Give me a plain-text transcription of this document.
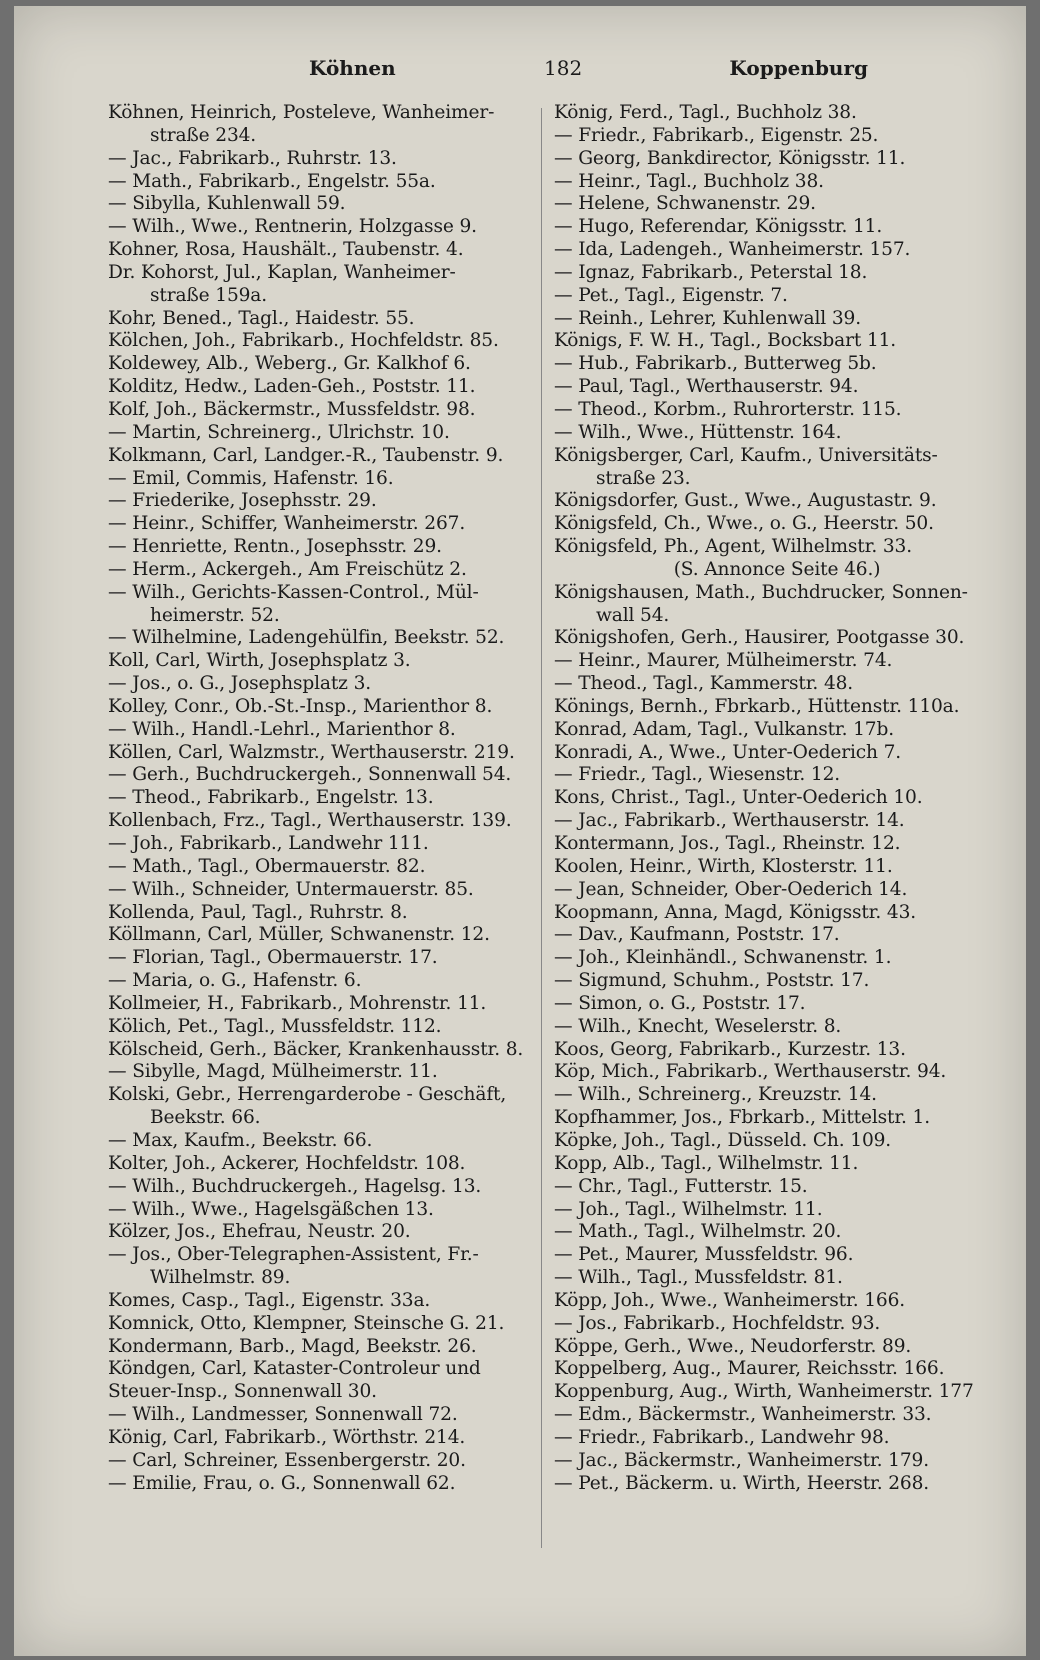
Köhnen	182	Koppenburg
Köhnen, Heinrich, Posteleve, Wanheimer-
straße 234.
— Jac., Fabrikarb., Ruhrstr. 13.
— Math., Fabrikarb., Engelstr. 55a.
— Sibylla, Kuhlenwall 59.
— Wilh., Wwe., Rentnerin, Holzgasse 9.
Kohner, Rosa, Haushält., Taubenstr. 4.
Dr. Kohorst, Jul., Kaplan, Wanheimer-
straße 159a.
Kohr, Bened., Tagl., Haidestr. 55.
Kölchen, Joh., Fabrikarb., Hochfeldstr. 85.
Koldewey, Alb., Weberg., Gr. Kalkhof 6.
Kolditz, Hedw., Laden-Geh., Poststr. 11.
Kolf, Joh., Bäckermstr., Mussfeldstr. 98.
— Martin, Schreinerg., Ulrichstr. 10.
Kolkmann, Carl, Landger.-R., Taubenstr. 9.
— Emil, Commis, Hafenstr. 16.
— Friederike, Josephsstr. 29.
— Heinr., Schiffer, Wanheimerstr. 267.
— Henriette, Rentn., Josephsstr. 29.
— Herm., Ackergeh., Am Freischütz 2.
— Wilh., Gerichts-Kassen-Control., Mül-
heimerstr. 52.
— Wilhelmine, Ladengehülfin, Beekstr. 52.
Koll, Carl, Wirth, Josephsplatz 3.
— Jos., o. G., Josephsplatz 3.
Kolley, Conr., Ob.-St.-Insp., Marienthor 8.
— Wilh., Handl.-Lehrl., Marienthor 8.
Köllen, Carl, Walzmstr., Werthauserstr. 219.
— Gerh., Buchdruckergeh., Sonnenwall 54.
— Theod., Fabrikarb., Engelstr. 13.
Kollenbach, Frz., Tagl., Werthauserstr. 139.
— Joh., Fabrikarb., Landwehr 111.
— Math., Tagl., Obermauerstr. 82.
— Wilh., Schneider, Untermauerstr. 85.
Kollenda, Paul, Tagl., Ruhrstr. 8.
Köllmann, Carl, Müller, Schwanenstr. 12.
— Florian, Tagl., Obermauerstr. 17.
— Maria, o. G., Hafenstr. 6.
Kollmeier, H., Fabrikarb., Mohrenstr. 11.
Kölich, Pet., Tagl., Mussfeldstr. 112.
Kölscheid, Gerh., Bäcker, Krankenhausstr. 8.
— Sibylle, Magd, Mülheimerstr. 11.
Kolski, Gebr., Herrengarderobe - Geschäft,
Beekstr. 66.
— Max, Kaufm., Beekstr. 66.
Kolter, Joh., Ackerer, Hochfeldstr. 108.
— Wilh., Buchdruckergeh., Hagelsg. 13.
— Wilh., Wwe., Hagelsgäßchen 13.
Kölzer, Jos., Ehefrau, Neustr. 20.
— Jos., Ober-Telegraphen-Assistent, Fr.-
Wilhelmstr. 89.
Komes, Casp., Tagl., Eigenstr. 33a.
Komnick, Otto, Klempner, Steinsche G. 21.
Kondermann, Barb., Magd, Beekstr. 26.
Köndgen, Carl, Kataster-Controleur und
Steuer-Insp., Sonnenwall 30.
— Wilh., Landmesser, Sonnenwall 72.
König, Carl, Fabrikarb., Wörthstr. 214.
— Carl, Schreiner, Essenbergerstr. 20.
— Emilie, Frau, o. G., Sonnenwall 62.
König, Ferd., Tagl., Buchholz 38.
— Friedr., Fabrikarb., Eigenstr. 25.
— Georg, Bankdirector, Königsstr. 11.
— Heinr., Tagl., Buchholz 38.
— Helene, Schwanenstr. 29.
— Hugo, Referendar, Königsstr. 11.
— Ida, Ladengeh., Wanheimerstr. 157.
— Ignaz, Fabrikarb., Peterstal 18.
— Pet., Tagl., Eigenstr. 7.
— Reinh., Lehrer, Kuhlenwall 39.
Königs, F. W. H., Tagl., Bocksbart 11.
— Hub., Fabrikarb., Butterweg 5b.
— Paul, Tagl., Werthauserstr. 94.
— Theod., Korbm., Ruhrorterstr. 115.
— Wilh., Wwe., Hüttenstr. 164.
Königsberger, Carl, Kaufm., Universitäts-
straße 23.
Königsdorfer, Gust., Wwe., Augustastr. 9.
Königsfeld, Ch., Wwe., o. G., Heerstr. 50.
Königsfeld, Ph., Agent, Wilhelmstr. 33.
(S. Annonce Seite 46.)
Königshausen, Math., Buchdrucker, Sonnen-
wall 54.
Königshofen, Gerh., Hausirer, Pootgasse 30.
— Heinr., Maurer, Mülheimerstr. 74.
— Theod., Tagl., Kammerstr. 48.
Könings, Bernh., Fbrkarb., Hüttenstr. 110a.
Konrad, Adam, Tagl., Vulkanstr. 17b.
Konradi, A., Wwe., Unter-Oederich 7.
— Friedr., Tagl., Wiesenstr. 12.
Kons, Christ., Tagl., Unter-Oederich 10.
— Jac., Fabrikarb., Werthauserstr. 14.
Kontermann, Jos., Tagl., Rheinstr. 12.
Koolen, Heinr., Wirth, Klosterstr. 11.
— Jean, Schneider, Ober-Oederich 14.
Koopmann, Anna, Magd, Königsstr. 43.
— Dav., Kaufmann, Poststr. 17.
— Joh., Kleinhändl., Schwanenstr. 1.
— Sigmund, Schuhm., Poststr. 17.
— Simon, o. G., Poststr. 17.
— Wilh., Knecht, Weselerstr. 8.
Koos, Georg, Fabrikarb., Kurzestr. 13.
Köp, Mich., Fabrikarb., Werthauserstr. 94.
— Wilh., Schreinerg., Kreuzstr. 14.
Kopfhammer, Jos., Fbrkarb., Mittelstr. 1.
Köpke, Joh., Tagl., Düsseld. Ch. 109.
Kopp, Alb., Tagl., Wilhelmstr. 11.
— Chr., Tagl., Futterstr. 15.
— Joh., Tagl., Wilhelmstr. 11.
— Math., Tagl., Wilhelmstr. 20.
— Pet., Maurer, Mussfeldstr. 96.
— Wilh., Tagl., Mussfeldstr. 81.
Köpp, Joh., Wwe., Wanheimerstr. 166.
— Jos., Fabrikarb., Hochfeldstr. 93.
Köppe, Gerh., Wwe., Neudorferstr. 89.
Koppelberg, Aug., Maurer, Reichsstr. 166.
Koppenburg, Aug., Wirth, Wanheimerstr. 177
— Edm., Bäckermstr., Wanheimerstr. 33.
— Friedr., Fabrikarb., Landwehr 98.
— Jac., Bäckermstr., Wanheimerstr. 179.
— Pet., Bäckerm. u. Wirth, Heerstr. 268.
